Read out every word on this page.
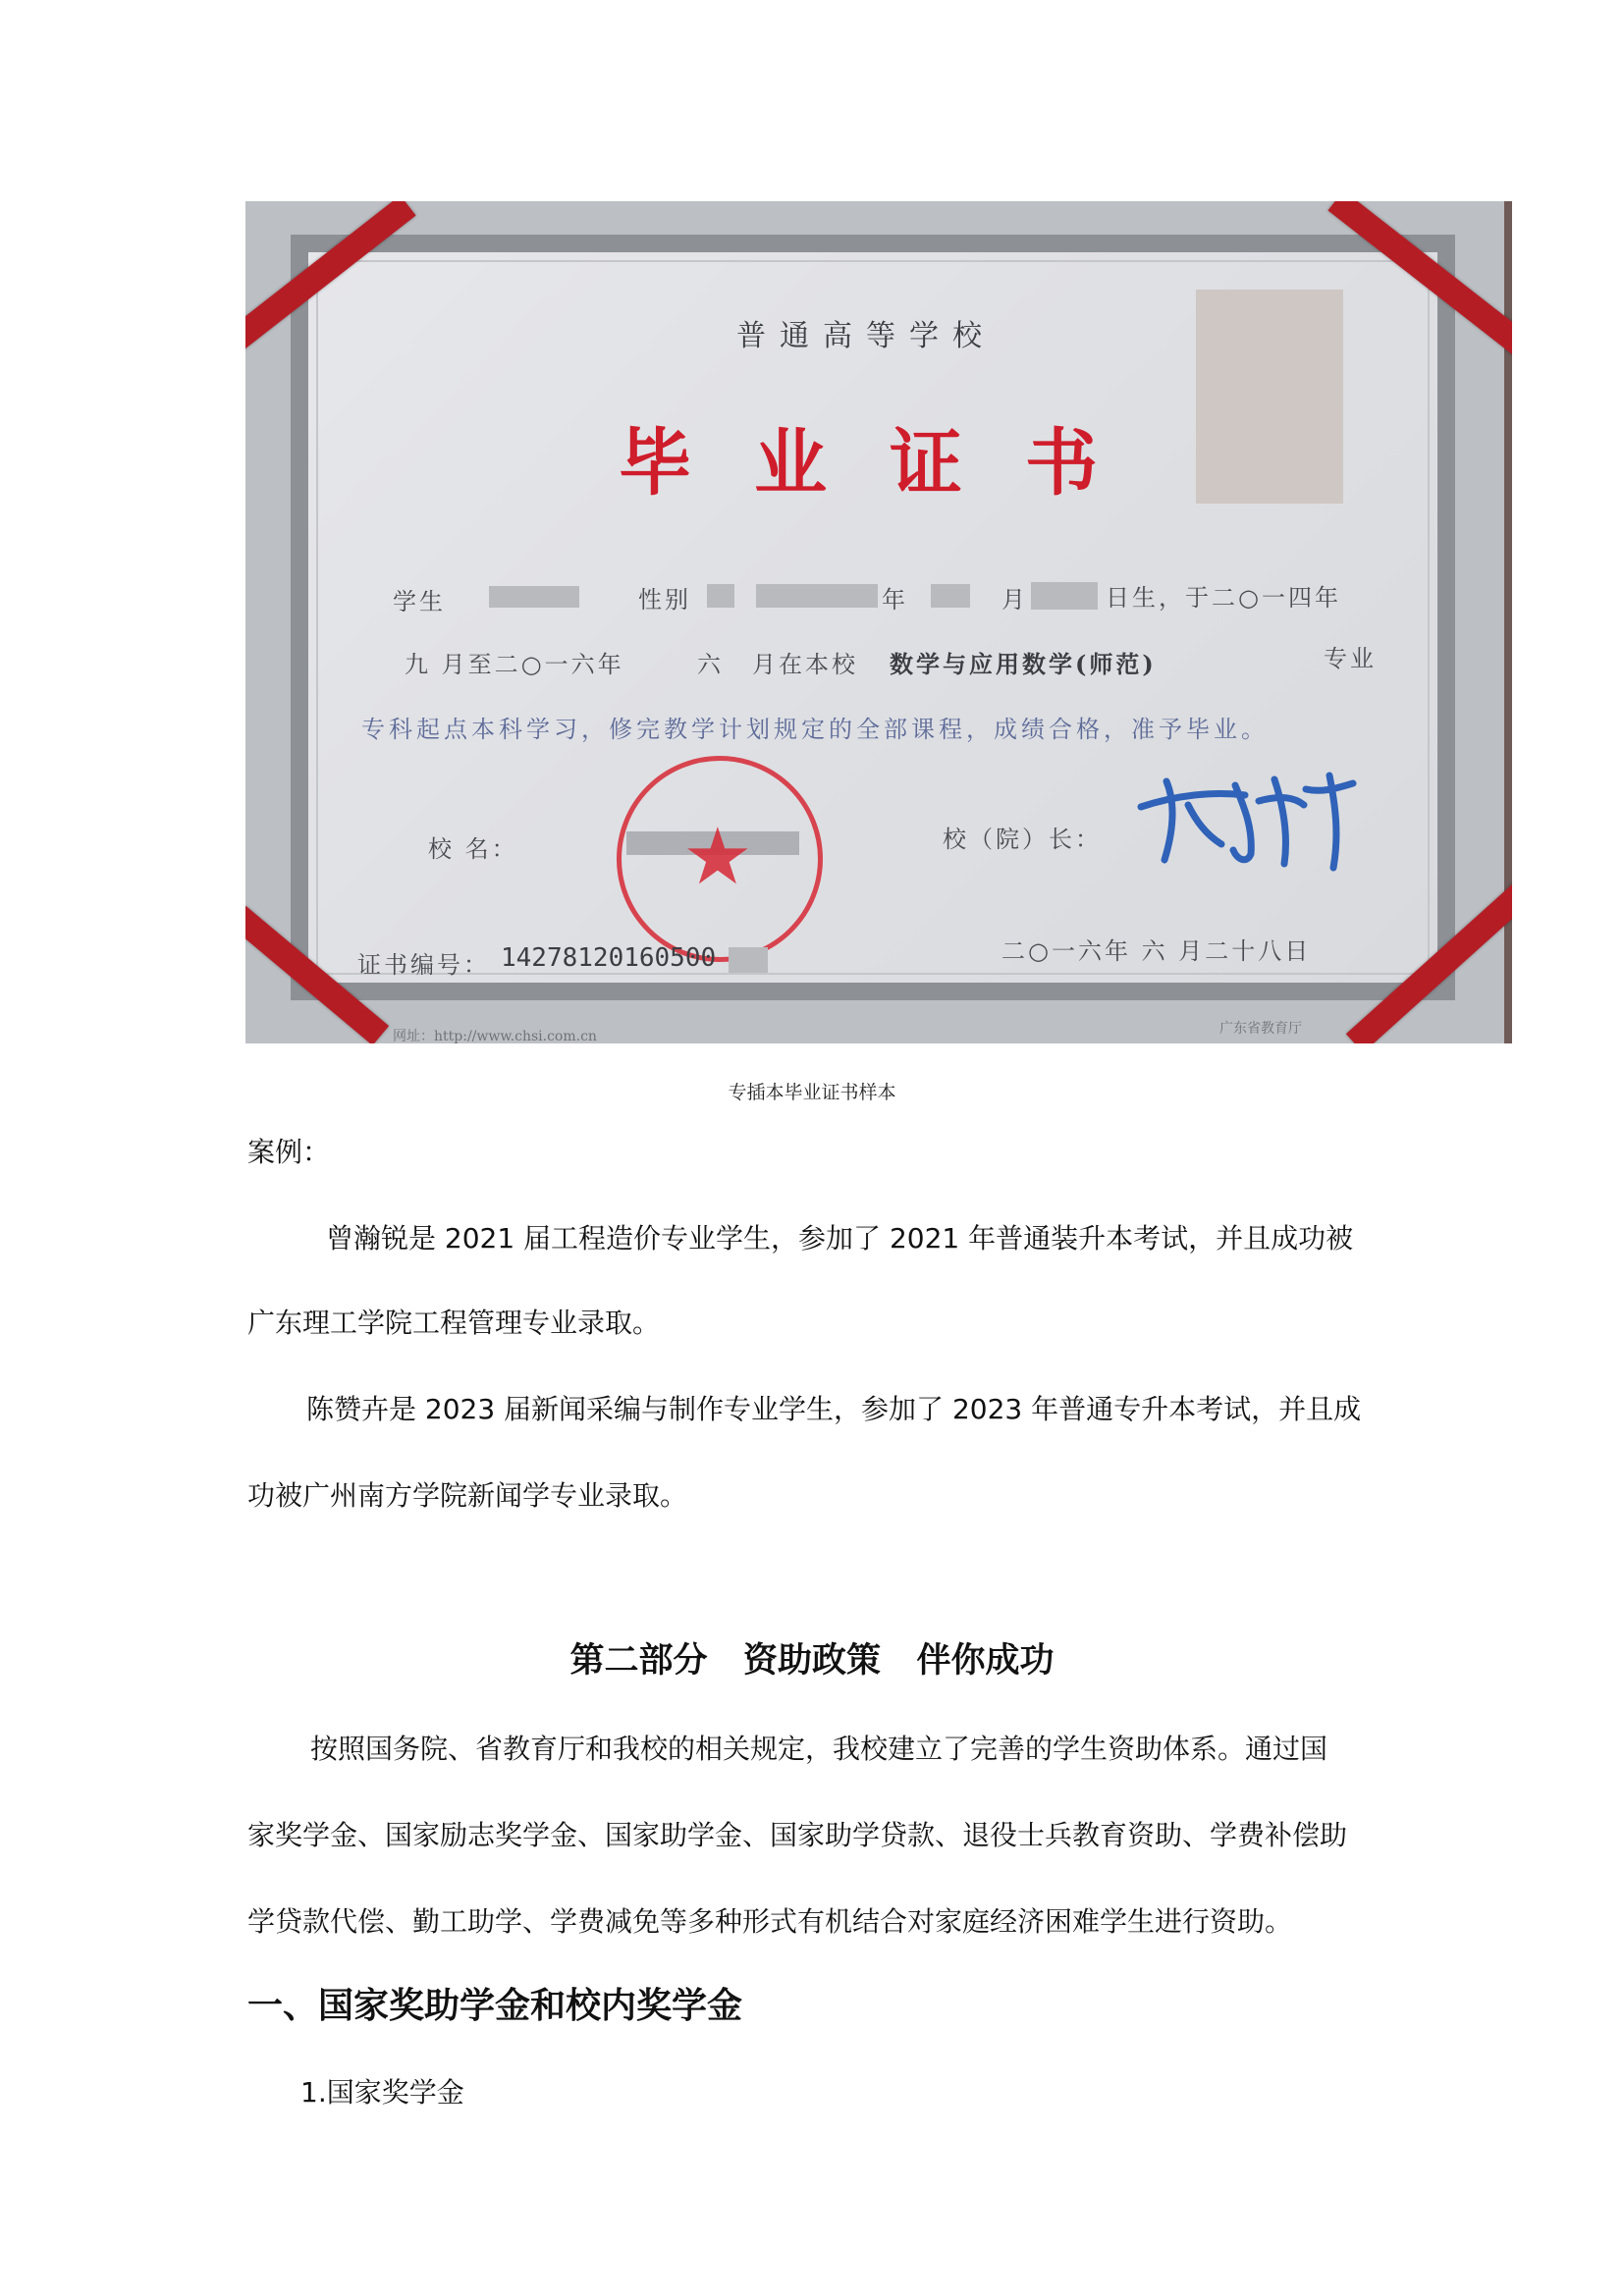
普通高等学校
毕业证书
学生	性别	年	月	日生，于二○一四年
九 月至二○一六年	六 月在本校 数学与应用数学(师范)	专业
专科起点本科学习，修完教学计划规定的全部课程，成绩合格，准予毕业。
校 名：	校（院）长：
★
证书编号： 14278120160500	二○一六年 六 月二十八日
网址：http://www.chsi.com.cn	广东省教育厅
专插本毕业证书样本
案例：
曾瀚锐是 2021 届工程造价专业学生，参加了 2021 年普通装升本考试，并且成功被
广东理工学院工程管理专业录取。
陈赞卉是 2023 届新闻采编与制作专业学生，参加了 2023 年普通专升本考试，并且成
功被广州南方学院新闻学专业录取。
第二部分   资助政策   伴你成功
按照国务院、省教育厅和我校的相关规定，我校建立了完善的学生资助体系。通过国
家奖学金、国家励志奖学金、国家助学金、国家助学贷款、退役士兵教育资助、学费补偿助
学贷款代偿、勤工助学、学费减免等多种形式有机结合对家庭经济困难学生进行资助。
一、国家奖助学金和校内奖学金
1.国家奖学金
